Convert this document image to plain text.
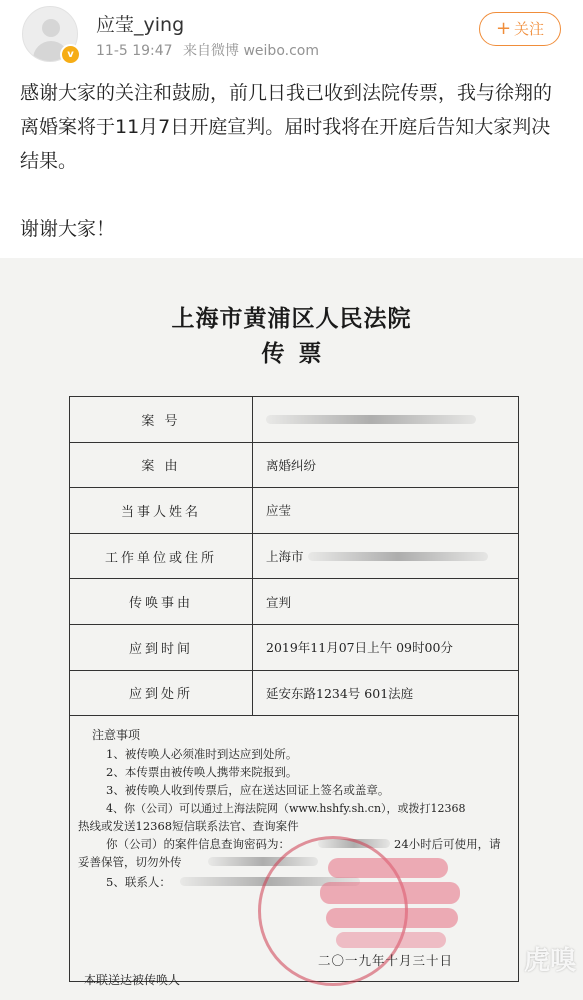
v
应莹_ying
11-5 19:47 来自微博 weibo.com
+ 关注

感谢大家的关注和鼓励，前几日我已收到法院传票，我与徐翔的离婚案将于11月7日开庭宣判。届时我将在开庭后告知大家判决结果。

谢谢大家！

上海市黄浦区人民法院
传票
案 号
案 由	离婚纠纷
当事人姓名	应莹
工作单位或住所	上海市
传唤事由	宣判
应到时间	2019年11月07日上午 09时00分
应到处所	延安东路1234号 601法庭
注意事项
1、被传唤人必须准时到达应到处所。
2、本传票由被传唤人携带来院报到。
3、被传唤人收到传票后，应在送达回证上签名或盖章。
4、你（公司）可以通过上海法院网（www.hshfy.sh.cn），或拨打12368
热线或发送12368短信联系法官、查询案件
你（公司）的案件信息查询密码为：	24小时后可使用，请
妥善保管，切勿外传
5、联系人：
二〇一九年十月三十日
本联送达被传唤人
虎嗅
